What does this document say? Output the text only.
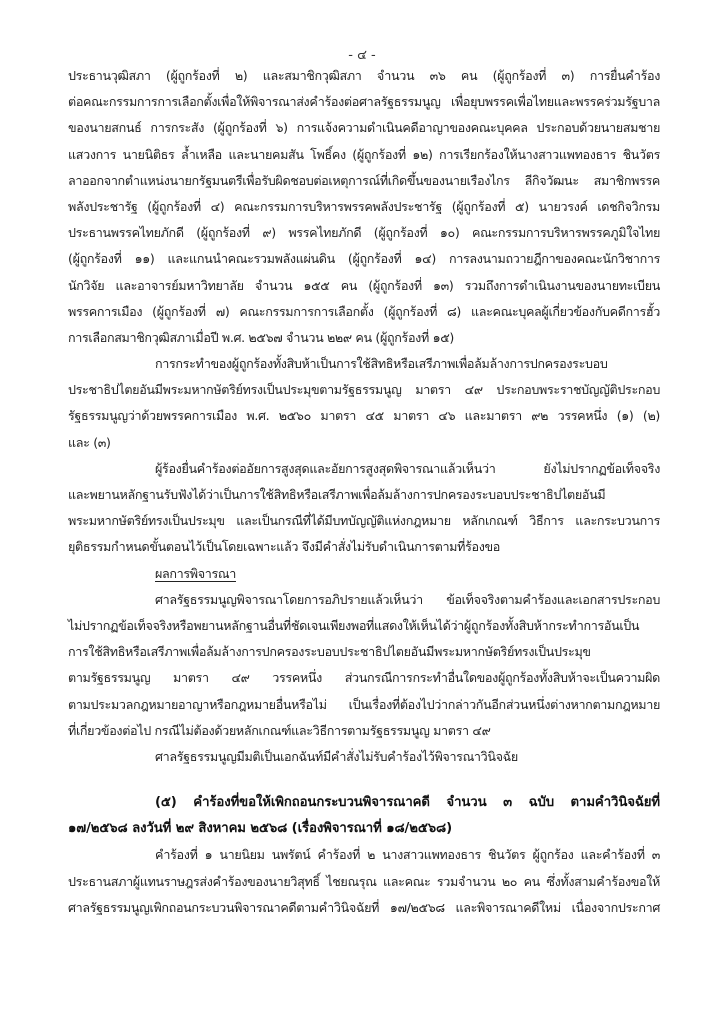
- ๔ -
ประธานวุฒิสภา (ผู้ถูกร้องที่ ๒) และสมาชิกวุฒิสภา จำนวน ๓๖ คน (ผู้ถูกร้องที่ ๓) การยื่นคำร้อง
ต่อคณะกรรมการการเลือกตั้งเพื่อให้พิจารณาส่งคำร้องต่อศาลรัฐธรรมนูญ เพื่อยุบพรรคเพื่อไทยและพรรคร่วมรัฐบาล
ของนายสกนธ์ การกระสัง (ผู้ถูกร้องที่ ๖) การแจ้งความดำเนินคดีอาญาของคณะบุคคล ประกอบด้วยนายสมชาย
แสวงการ นายนิติธร ล้ำเหลือ และนายคมสัน โพธิ์คง (ผู้ถูกร้องที่ ๑๒) การเรียกร้องให้นางสาวแพทองธาร ชินวัตร
ลาออกจากตำแหน่งนายกรัฐมนตรีเพื่อรับผิดชอบต่อเหตุการณ์ที่เกิดขึ้นของนายเรืองไกร ลีกิจวัฒนะ สมาชิกพรรค
พลังประชารัฐ (ผู้ถูกร้องที่ ๔) คณะกรรมการบริหารพรรคพลังประชารัฐ (ผู้ถูกร้องที่ ๕) นายวรงค์ เดชกิจวิกรม
ประธานพรรคไทยภักดี (ผู้ถูกร้องที่ ๙) พรรคไทยภักดี (ผู้ถูกร้องที่ ๑๐) คณะกรรมการบริหารพรรคภูมิใจไทย
(ผู้ถูกร้องที่ ๑๑) และแกนนำคณะรวมพลังแผ่นดิน (ผู้ถูกร้องที่ ๑๔) การลงนามถวายฎีกาของคณะนักวิชาการ
นักวิจัย และอาจารย์มหาวิทยาลัย จำนวน ๑๕๕ คน (ผู้ถูกร้องที่ ๑๓) รวมถึงการดำเนินงานของนายทะเบียน
พรรคการเมือง (ผู้ถูกร้องที่ ๗) คณะกรรมการการเลือกตั้ง (ผู้ถูกร้องที่ ๘) และคณะบุคลผู้เกี่ยวข้องกับคดีการฮั้ว
การเลือกสมาชิกวุฒิสภาเมื่อปี พ.ศ. ๒๕๖๗ จำนวน ๒๒๙ คน (ผู้ถูกร้องที่ ๑๕)
การกระทำของผู้ถูกร้องทั้งสิบห้าเป็นการใช้สิทธิหรือเสรีภาพเพื่อล้มล้างการปกครองระบอบ
ประชาธิปไตยอันมีพระมหากษัตริย์ทรงเป็นประมุขตามรัฐธรรมนูญ มาตรา ๔๙ ประกอบพระราชบัญญัติประกอบ
รัฐธรรมนูญว่าด้วยพรรคการเมือง พ.ศ. ๒๕๖๐ มาตรา ๔๕ มาตรา ๔๖ และมาตรา ๙๒ วรรคหนึ่ง (๑) (๒)
และ (๓)
ผู้ร้องยื่นคำร้องต่ออัยการสูงสุดและอัยการสูงสุดพิจารณาแล้วเห็นว่า ยังไม่ปรากฏข้อเท็จจริง
และพยานหลักฐานรับฟังได้ว่าเป็นการใช้สิทธิหรือเสรีภาพเพื่อล้มล้างการปกครองระบอบประชาธิปไตยอันมี
พระมหากษัตริย์ทรงเป็นประมุข และเป็นกรณีที่ได้มีบทบัญญัติแห่งกฎหมาย หลักเกณฑ์ วิธีการ และกระบวนการ
ยุติธรรมกำหนดขั้นตอนไว้เป็นโดยเฉพาะแล้ว จึงมีคำสั่งไม่รับดำเนินการตามที่ร้องขอ
ผลการพิจารณา
ศาลรัฐธรรมนูญพิจารณาโดยการอภิปรายแล้วเห็นว่า ข้อเท็จจริงตามคำร้องและเอกสารประกอบ
ไม่ปรากฏข้อเท็จจริงหรือพยานหลักฐานอื่นที่ชัดเจนเพียงพอที่แสดงให้เห็นได้ว่าผู้ถูกร้องทั้งสิบห้ากระทำการอันเป็น
การใช้สิทธิหรือเสรีภาพเพื่อล้มล้างการปกครองระบอบประชาธิปไตยอันมีพระมหากษัตริย์ทรงเป็นประมุข
ตามรัฐธรรมนูญ มาตรา ๔๙ วรรคหนึ่ง ส่วนกรณีการกระทำอื่นใดของผู้ถูกร้องทั้งสิบห้าจะเป็นความผิด
ตามประมวลกฎหมายอาญาหรือกฎหมายอื่นหรือไม่ เป็นเรื่องที่ต้องไปว่ากล่าวกันอีกส่วนหนึ่งต่างหากตามกฎหมาย
ที่เกี่ยวข้องต่อไป กรณีไม่ต้องด้วยหลักเกณฑ์และวิธีการตามรัฐธรรมนูญ มาตรา ๔๙
ศาลรัฐธรรมนูญมีมติเป็นเอกฉันท์มีคำสั่งไม่รับคำร้องไว้พิจารณาวินิจฉัย
(๕) คำร้องที่ขอให้เพิกถอนกระบวนพิจารณาคดี จำนวน ๓ ฉบับ ตามคำวินิจฉัยที่
๑๗/๒๕๖๘ ลงวันที่ ๒๙ สิงหาคม ๒๕๖๘ (เรื่องพิจารณาที่ ๑๘/๒๕๖๘)
คำร้องที่ ๑ นายนิยม นพรัตน์ คำร้องที่ ๒ นางสาวแพทองธาร ชินวัตร ผู้ถูกร้อง และคำร้องที่ ๓
ประธานสภาผู้แทนราษฎรส่งคำร้องของนายวิสุทธิ์ ไชยณรุณ และคณะ รวมจำนวน ๒๐ คน ซึ่งทั้งสามคำร้องขอให้
ศาลรัฐธรรมนูญเพิกถอนกระบวนพิจารณาคดีตามคำวินิจฉัยที่ ๑๗/๒๕๖๘ และพิจารณาคดีใหม่ เนื่องจากประกาศ
